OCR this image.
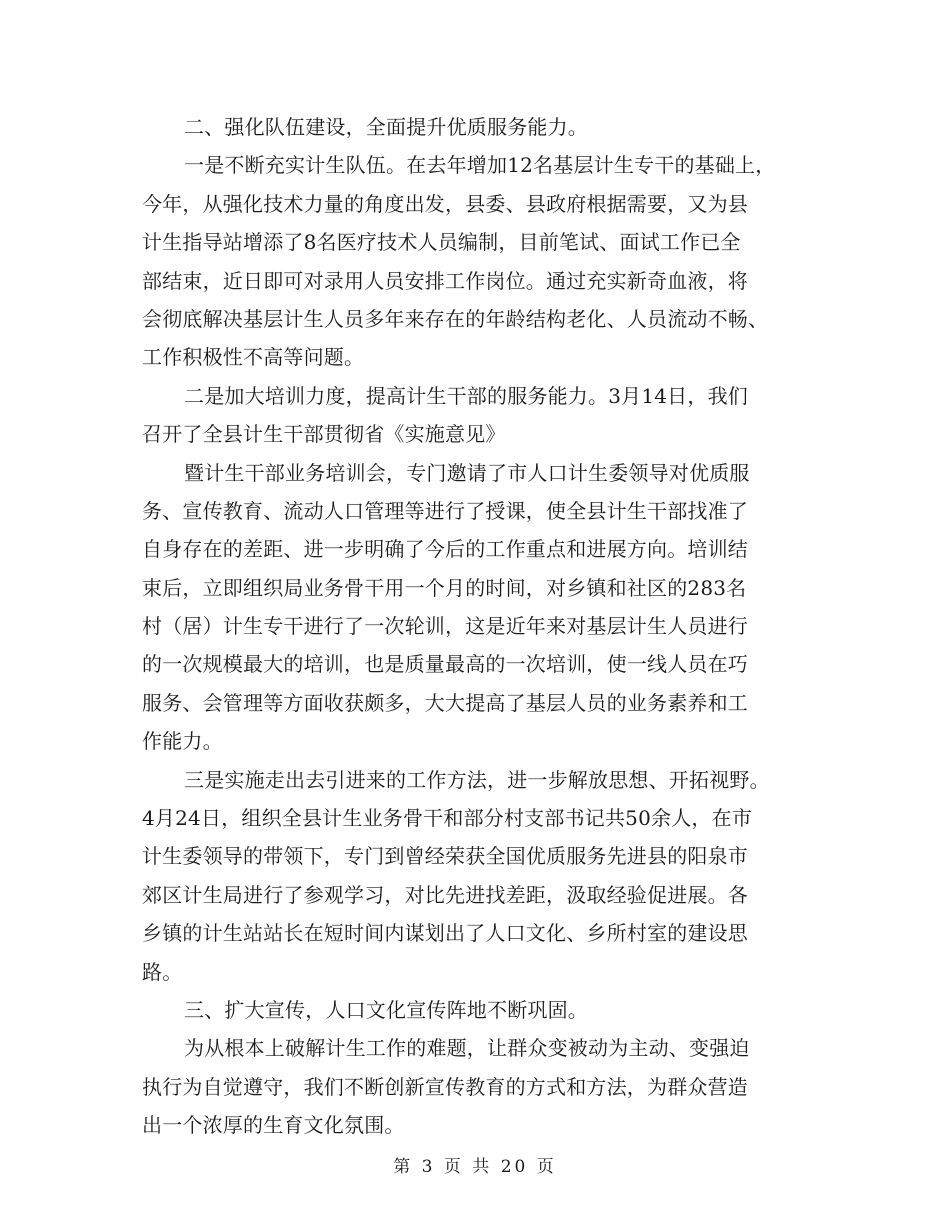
二、强化队伍建设，全面提升优质服务能力。
一是不断充实计生队伍。在去年增加12名基层计生专干的基础上，
今年，从强化技术力量的角度出发，县委、县政府根据需要，又为县
计生指导站增添了8名医疗技术人员编制，目前笔试、面试工作已全
部结束，近日即可对录用人员安排工作岗位。通过充实新奇血液，将
会彻底解决基层计生人员多年来存在的年龄结构老化、人员流动不畅、
工作积极性不高等问题。
二是加大培训力度，提高计生干部的服务能力。3月14日，我们
召开了全县计生干部贯彻省《实施意见》
暨计生干部业务培训会，专门邀请了市人口计生委领导对优质服
务、宣传教育、流动人口管理等进行了授课，使全县计生干部找准了
自身存在的差距、进一步明确了今后的工作重点和进展方向。培训结
束后，立即组织局业务骨干用一个月的时间，对乡镇和社区的283名
村（居）计生专干进行了一次轮训，这是近年来对基层计生人员进行
的一次规模最大的培训，也是质量最高的一次培训，使一线人员在巧
服务、会管理等方面收获颇多，大大提高了基层人员的业务素养和工
作能力。
三是实施走出去引进来的工作方法，进一步解放思想、开拓视野。
4月24日，组织全县计生业务骨干和部分村支部书记共50余人，在市
计生委领导的带领下，专门到曾经荣获全国优质服务先进县的阳泉市
郊区计生局进行了参观学习，对比先进找差距，汲取经验促进展。各
乡镇的计生站站长在短时间内谋划出了人口文化、乡所村室的建设思
路。
三、扩大宣传，人口文化宣传阵地不断巩固。
为从根本上破解计生工作的难题，让群众变被动为主动、变强迫
执行为自觉遵守，我们不断创新宣传教育的方式和方法，为群众营造
出一个浓厚的生育文化氛围。
第 3 页 共 20 页
